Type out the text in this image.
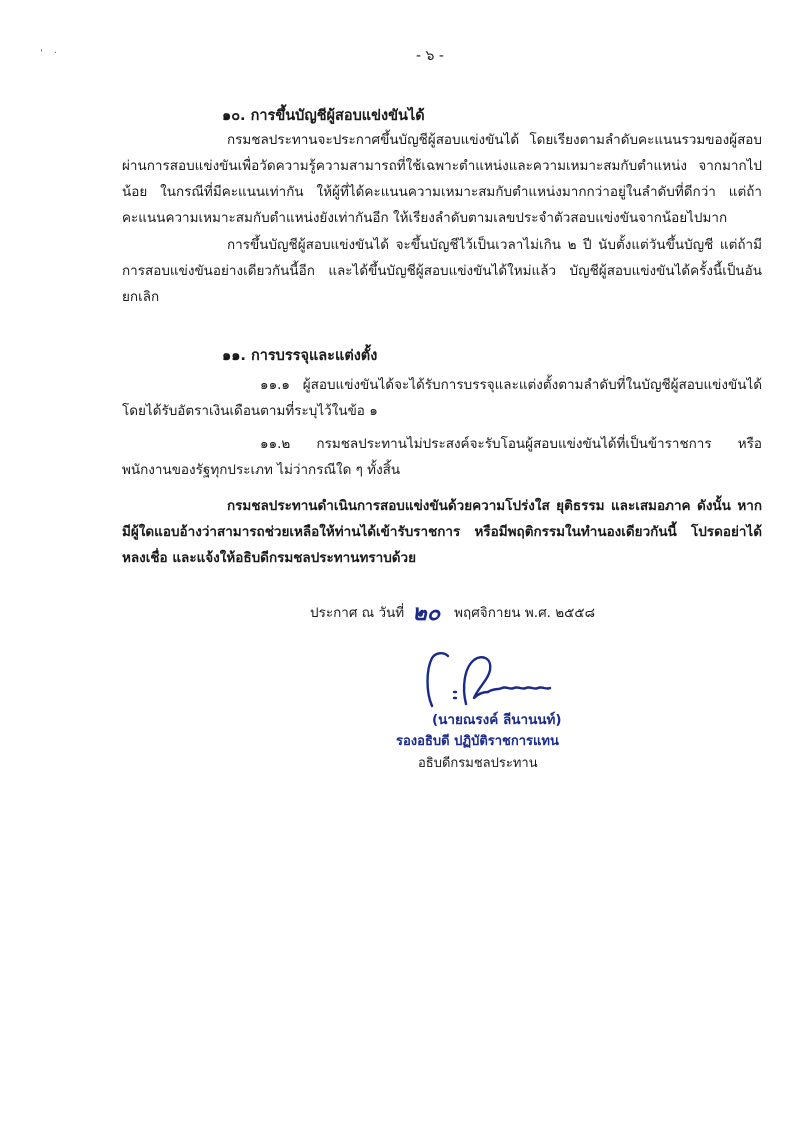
' ·	- ๖ -
๑๐. การขึ้นบัญชีผู้สอบแข่งขันได้
กรมชลประทานจะประกาศขึ้นบัญชีผู้สอบแข่งขันได้ โดยเรียงตามลำดับคะแนนรวมของผู้สอบผ่านการสอบแข่งขันเพื่อวัดความรู้ความสามารถที่ใช้เฉพาะตำแหน่งและความเหมาะสมกับตำแหน่ง จากมากไปน้อย ในกรณีที่มีคะแนนเท่ากัน ให้ผู้ที่ได้คะแนนความเหมาะสมกับตำแหน่งมากกว่าอยู่ในลำดับที่ดีกว่า แต่ถ้าคะแนนความเหมาะสมกับตำแหน่งยังเท่ากันอีก ให้เรียงลำดับตามเลขประจำตัวสอบแข่งขันจากน้อยไปมาก
การขึ้นบัญชีผู้สอบแข่งขันได้ จะขึ้นบัญชีไว้เป็นเวลาไม่เกิน ๒ ปี นับตั้งแต่วันขึ้นบัญชี แต่ถ้ามีการสอบแข่งขันอย่างเดียวกันนี้อีก และได้ขึ้นบัญชีผู้สอบแข่งขันได้ใหม่แล้ว บัญชีผู้สอบแข่งขันได้ครั้งนี้เป็นอันยกเลิก
๑๑. การบรรจุและแต่งตั้ง
๑๑.๑ ผู้สอบแข่งขันได้จะได้รับการบรรจุและแต่งตั้งตามลำดับที่ในบัญชีผู้สอบแข่งขันได้ โดยได้รับอัตราเงินเดือนตามที่ระบุไว้ในข้อ ๑
๑๑.๒ กรมชลประทานไม่ประสงค์จะรับโอนผู้สอบแข่งขันได้ที่เป็นข้าราชการ หรือพนักงานของรัฐทุกประเภท ไม่ว่ากรณีใด ๆ ทั้งสิ้น
กรมชลประทานดำเนินการสอบแข่งขันด้วยความโปร่งใส ยุติธรรม และเสมอภาค ดังนั้น หากมีผู้ใดแอบอ้างว่าสามารถช่วยเหลือให้ท่านได้เข้ารับราชการ หรือมีพฤติกรรมในทำนองเดียวกันนี้ โปรดอย่าได้หลงเชื่อ และแจ้งให้อธิบดีกรมชลประทานทราบด้วย
ประกาศ ณ วันที่ ๒๐ พฤศจิกายน พ.ศ. ๒๕๕๘
(นายณรงค์ ลีนานนท์)
รองอธิบดี ปฏิบัติราชการแทน
อธิบดีกรมชลประทาน
